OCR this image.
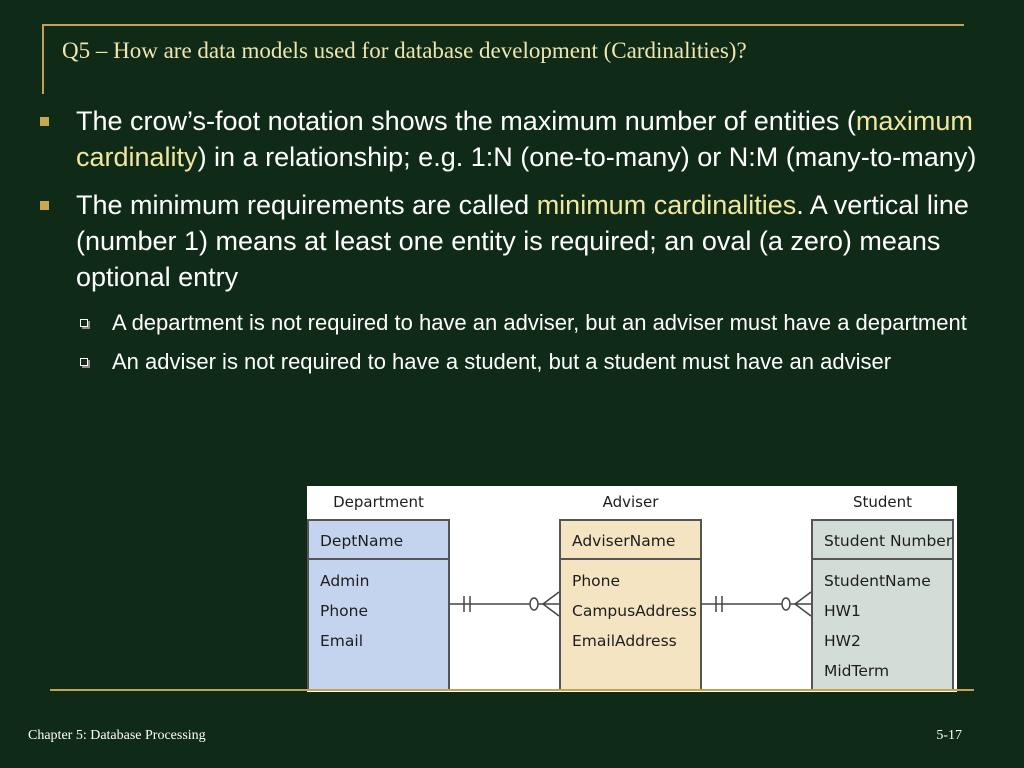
Q5 – How are data models used for database development (Cardinalities)?
The crow’s-foot notation shows the maximum number of entities (maximum cardinality) in a relationship; e.g. 1:N (one-to-many) or N:M (many-to-many)
The minimum requirements are called minimum cardinalities. A vertical line (number 1) means at least one entity is required; an oval (a zero) means optional entry
A department is not required to have an adviser, but an adviser must have a department
An adviser is not required to have a student, but a student must have an adviser
Department	Adviser	Student
DeptName
Admin
Phone
Email
AdviserName
Phone
CampusAddress
EmailAddress
Student Number
StudentName
HW1
HW2
MidTerm
Chapter 5: Database Processing	5-17
